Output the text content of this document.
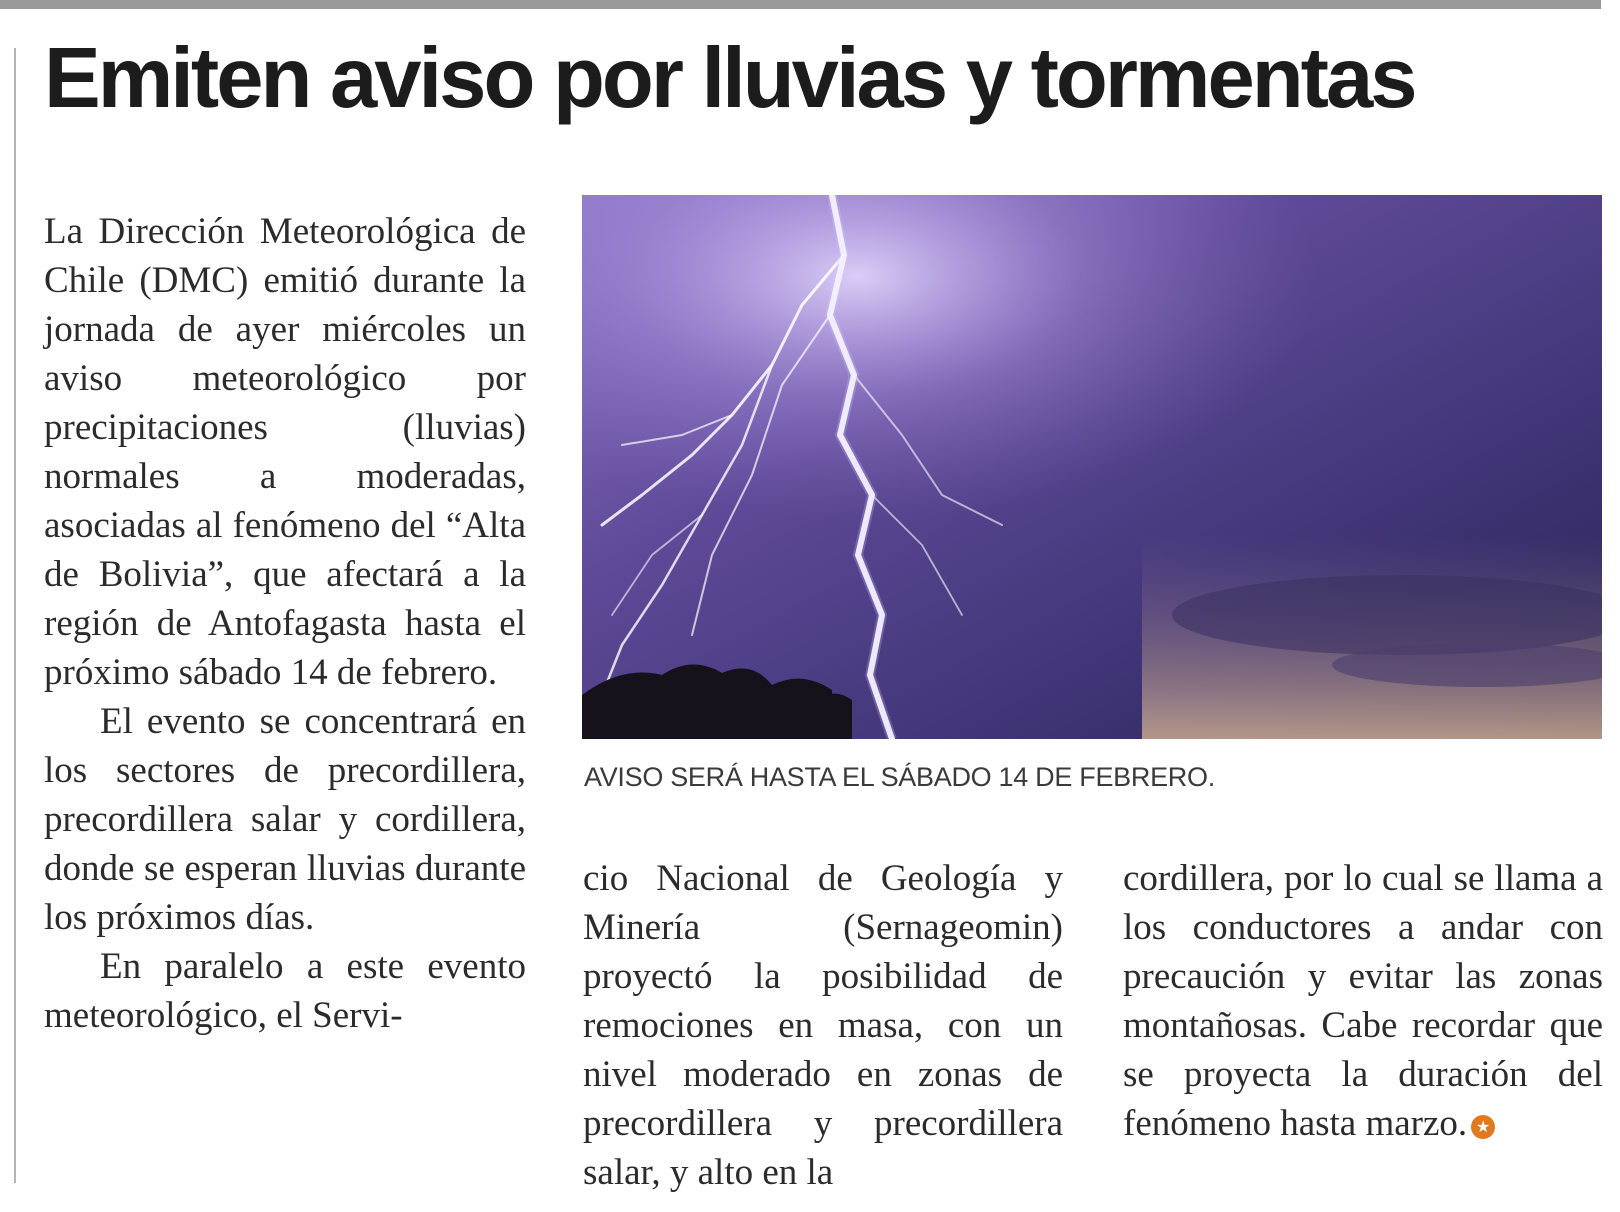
Emiten aviso por lluvias y tormentas

La Dirección Meteorológica de Chile (DMC) emitió durante la jornada de ayer miércoles un aviso meteorológico por precipitaciones (lluvias) normales a moderadas, asociadas al fenómeno del “Alta de Bolivia”, que afectará a la región de Antofagasta hasta el próximo sábado 14 de febrero.

El evento se concentrará en los sectores de precordillera, precordillera salar y cordillera, donde se esperan lluvias durante los próximos días.

En paralelo a este evento meteorológico, el Servi-

AVISO SERÁ HASTA EL SÁBADO 14 DE FEBRERO.

cio Nacional de Geología y Minería (Sernageomin) proyectó la posibilidad de remociones en masa, con un nivel moderado en zonas de precordillera y precordillera salar, y alto en la

cordillera, por lo cual se llama a los conductores a andar con precaución y evitar las zonas montañosas. Cabe recordar que se proyecta la duración del fenómeno hasta marzo. ★
